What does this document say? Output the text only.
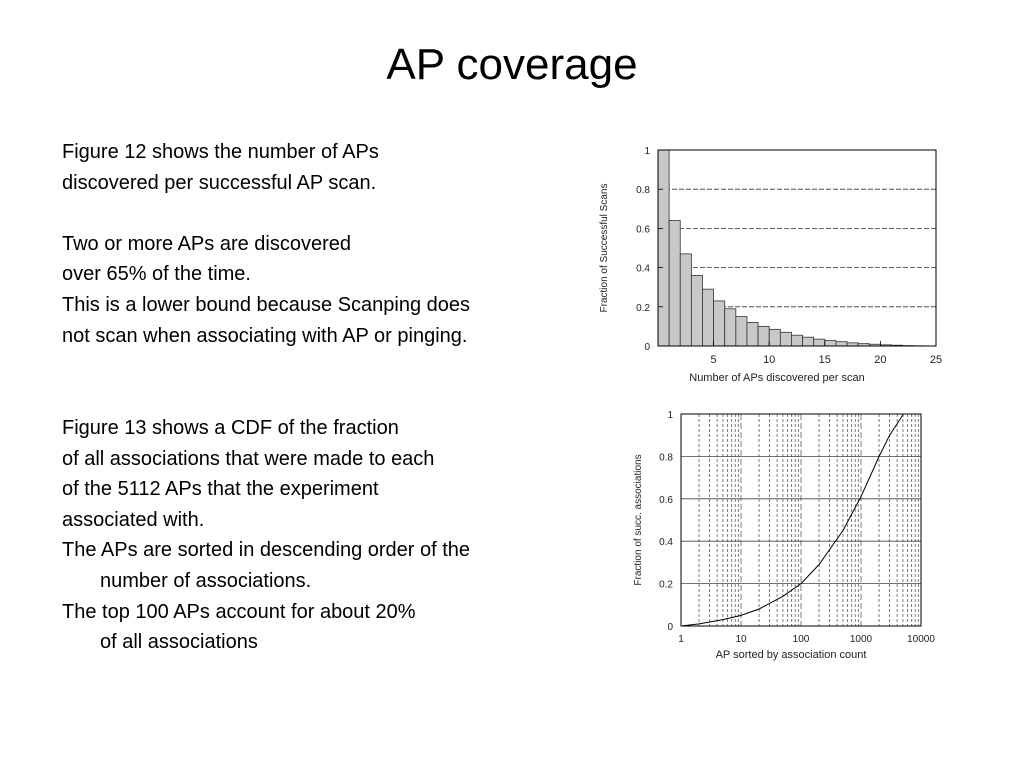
AP coverage
Figure 12 shows the number of APs
discovered per successful AP scan.
Two or more APs are discovered
over 65% of the time.
This is a lower bound because Scanping does
not scan when associating with AP or pinging.
Figure 13 shows a CDF of the fraction
of all associations that were made to each
of the 5112 APs that the experiment
associated with.
The APs are sorted in descending order of the
number of associations.
The top 100 APs account for about 20%
of all associations
0
0.2
0.4
0.6
0.8
1
5	10	15	20	25
Number of APs discovered per scan
Fraction of Successful Scans
0
0.2
0.4
0.6
0.8
1
1	10	100	1000	10000
AP sorted by association count
Fraction of succ. associations
